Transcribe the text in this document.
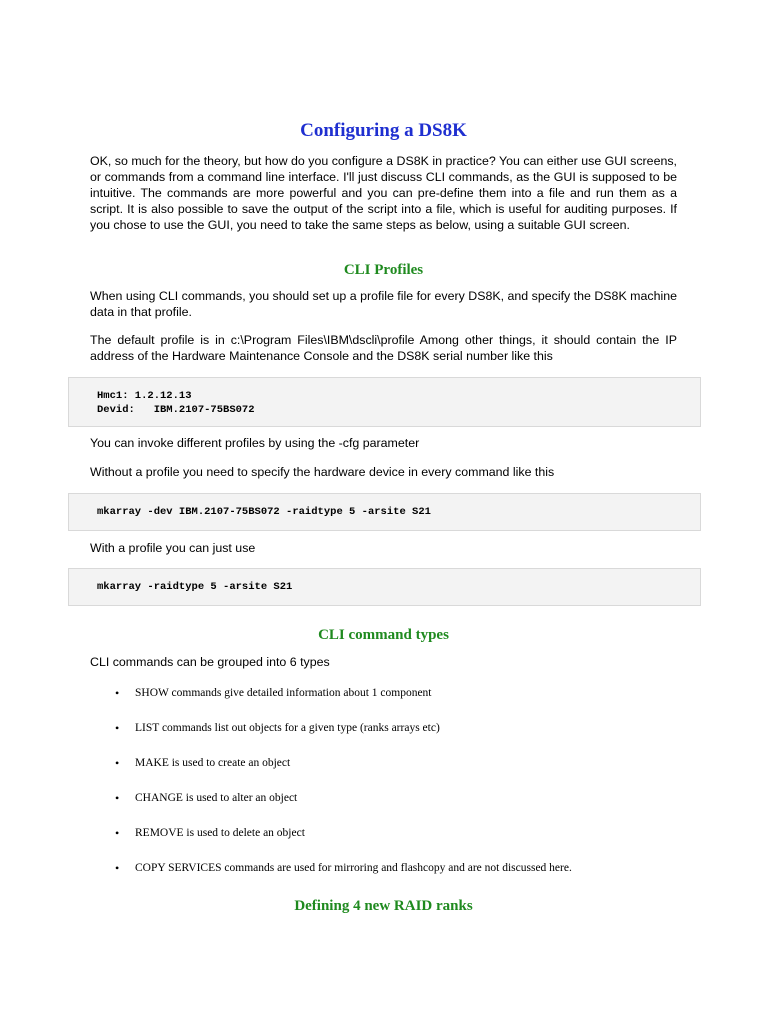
Configuring a DS8K

OK, so much for the theory, but how do you configure a DS8K in practice? You can either use GUI screens, or commands from a command line interface. I'll just discuss CLI commands, as the GUI is supposed to be intuitive. The commands are more powerful and you can pre-define them into a file and run them as a script. It is also possible to save the output of the script into a file, which is useful for auditing purposes. If you chose to use the GUI, you need to take the same steps as below, using a suitable GUI screen.

CLI Profiles

When using CLI commands, you should set up a profile file for every DS8K, and specify the DS8K machine data in that profile.

The default profile is in c:\Program Files\IBM\dscli\profile Among other things, it should contain the IP address of the Hardware Maintenance Console and the DS8K serial number like this

You can invoke different profiles by using the -cfg parameter

Without a profile you need to specify the hardware device in every command like this

With a profile you can just use

CLI command types

CLI commands can be grouped into 6 types

Defining 4 new RAID ranks
Hmc1: 1.2.12.13
Devid:   IBM.2107-75BS072
mkarray -dev IBM.2107-75BS072 -raidtype 5 -arsite S21
mkarray -raidtype 5 -arsite S21
• SHOW commands give detailed information about 1 component
• LIST commands list out objects for a given type (ranks arrays etc)
• MAKE is used to create an object
• CHANGE is used to alter an object
• REMOVE is used to delete an object
• COPY SERVICES commands are used for mirroring and flashcopy and are not discussed here.
